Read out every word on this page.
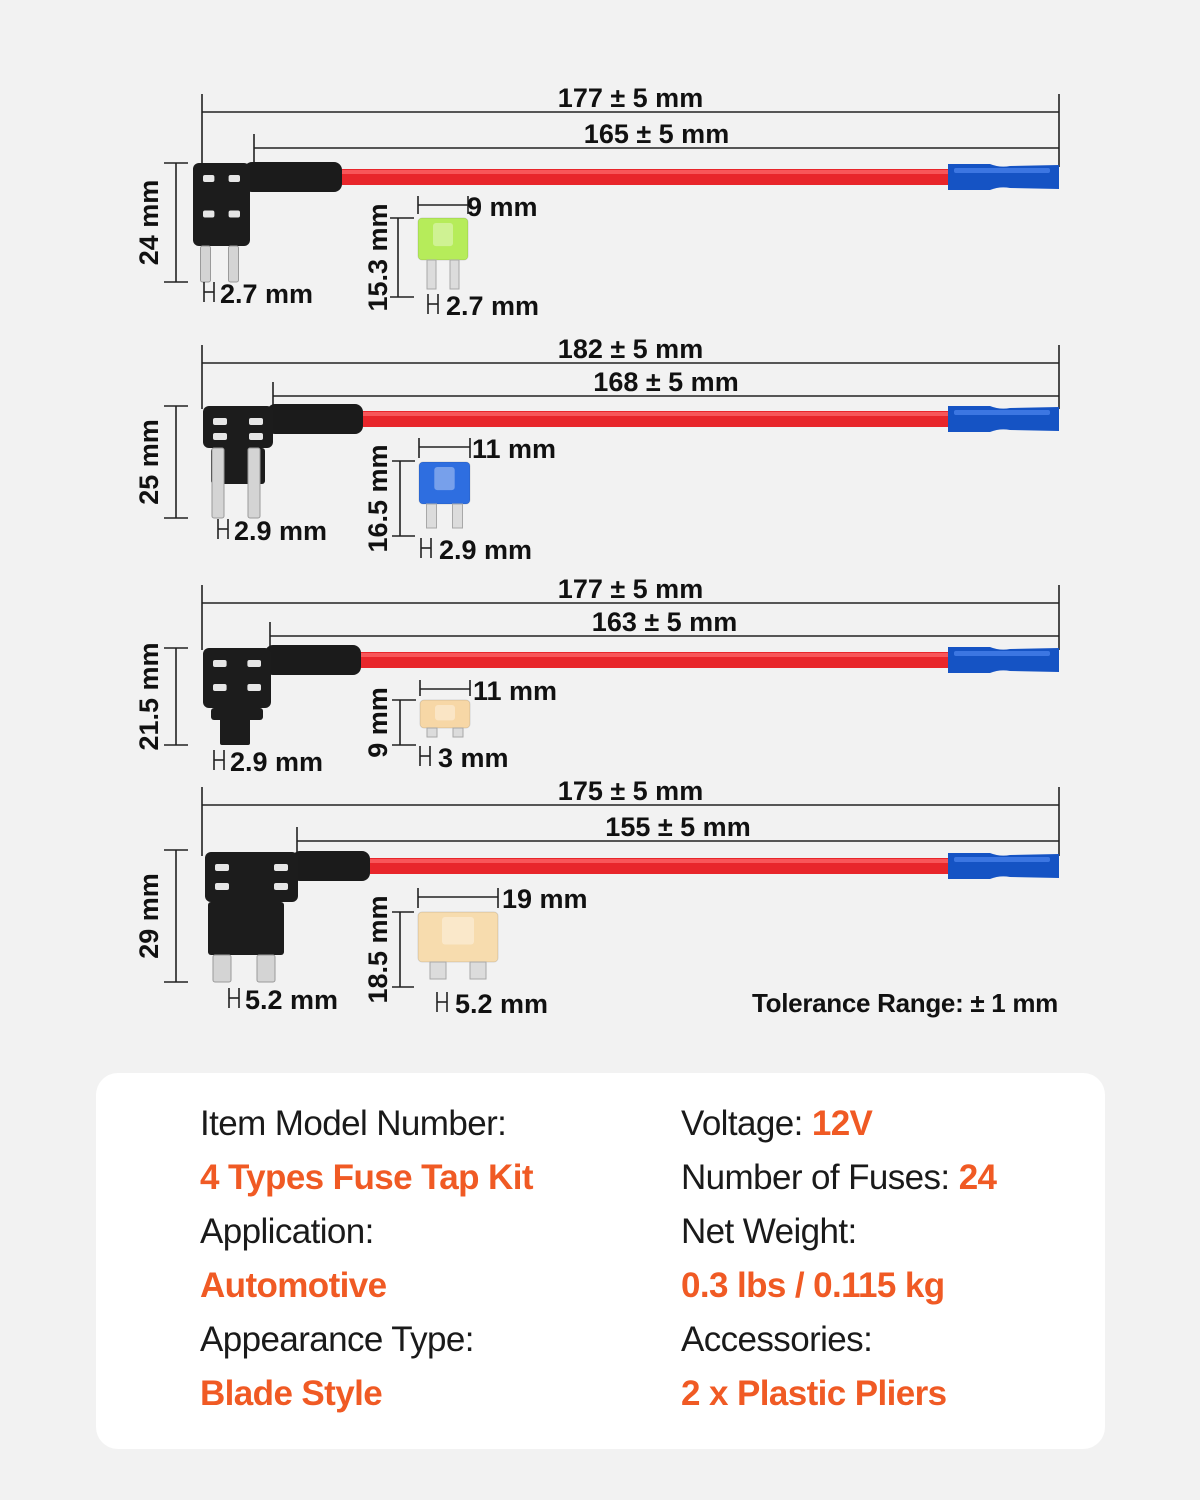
177 ± 5 mm
165 ± 5 mm
24 mm
2.7 mm 15.3 mm	9 mm
2.7 mm
182 ± 5 mm
168 ± 5 mm
25 mm
2.9 mm 16.5 mm	11 mm
2.9 mm
177 ± 5 mm
163 ± 5 mm
21.5 mm
2.9 mm
9 mm	11 mm
3 mm
175 ± 5 mm
155 ± 5 mm
29 mm
5.2 mm 18.5 mm	19 mm
5.2 mm	Tolerance Range: ± 1 mm
Item Model Number:
4 Types Fuse Tap Kit
Application:
Automotive
Appearance Type:
Blade Style
Voltage: 12V
Number of Fuses: 24
Net Weight:
0.3 lbs / 0.115 kg
Accessories:
2 x Plastic Pliers
